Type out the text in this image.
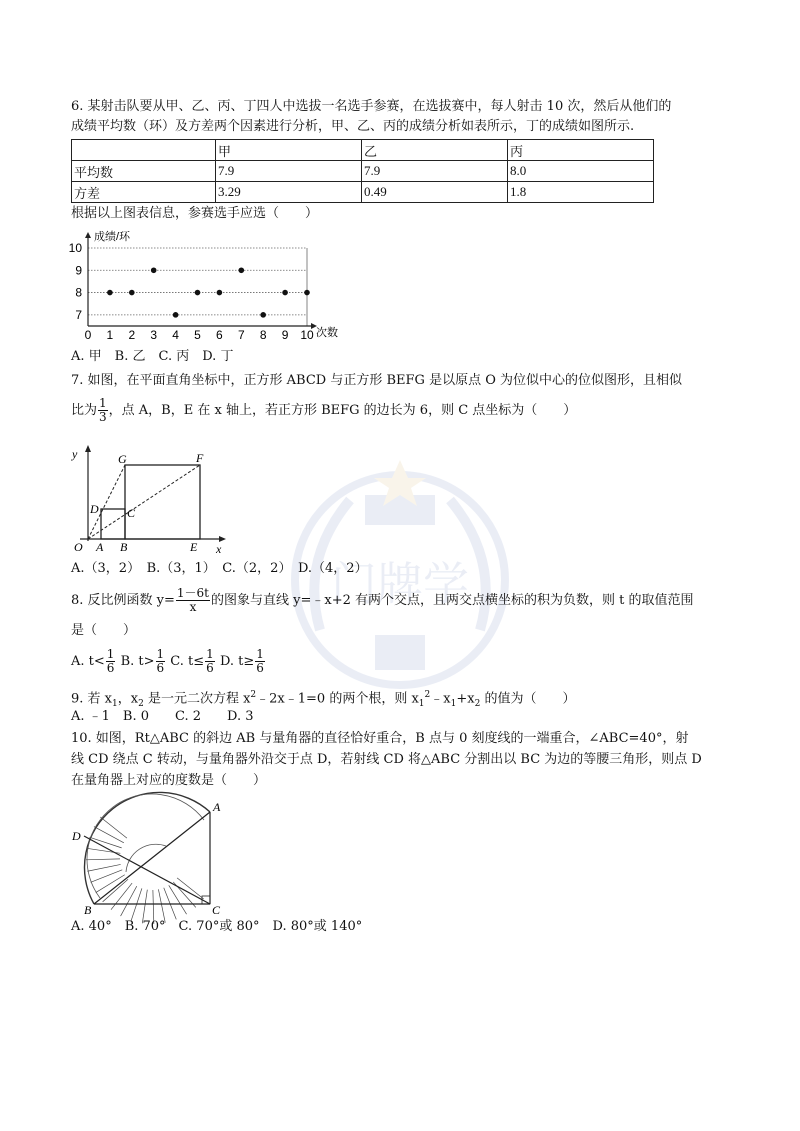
门牌学
6. 某射击队要从甲、乙、丙、丁四人中选拔一名选手参赛，在选拔赛中，每人射击 10 次，然后从他们的
成绩平均数（环）及方差两个因素进行分析，甲、乙、丙的成绩分析如表所示，丁的成绩如图所示.
	甲	乙	丙
平均数	7.9	7.9	8.0
方差	3.29	0.49	1.8
根据以上图表信息，参赛选手应选（　　）
0 1 2 3 4 5 6 7 8 9 10
7
8
9
10
成绩/环
次数
A. 甲　B. 乙　C. 丙　D. 丁
7. 如图，在平面直角坐标中，正方形 ABCD 与正方形 BEFG 是以原点 O 为位似中心的位似图形，且相似
比为 $\frac{1}{3}$ ，点 A，B，E 在 x 轴上，若正方形 BEFG 的边长为 6，则 C 点坐标为（　　）
y
x
O A B	E
G	F
D C
A.（3，2）　B.（3，1）　C.（2，2）　D.（4，2）
8. 反比例函数 $y= \frac{1-6t}{x}$ 的图象与直线 y=﹣x+2 有两个交点，且两交点横坐标的积为负数，则 t 的取值范围
是（　　）
A. $t< \frac{1}{6} B$. $t> \frac{1}{6} C$. $t\le \frac{1}{6} D$. $t\ge \frac{1}{6}$
9. 若 $x_1$，$x_2$ 是一元二次方程 $x^2﹣2x﹣1=0$ 的两个根，则 $x_1^2﹣x_1+x_2$ 的值为（　　）
A. ﹣1　B. 0　　C. 2　　D. 3
10. 如图，Rt△ABC 的斜边 AB 与量角器的直径恰好重合，B 点与 0 刻度线的一端重合，∠ABC=40°，射
线 CD 绕点 C 转动，与量角器外沿交于点 D，若射线 CD 将△ABC 分割出以 BC 为边的等腰三角形，则点 D
在量角器上对应的度数是（　　）
A
B	C
D
A. 40°　B. 70°　C. 70°或 80°　D. 80°或 140°
